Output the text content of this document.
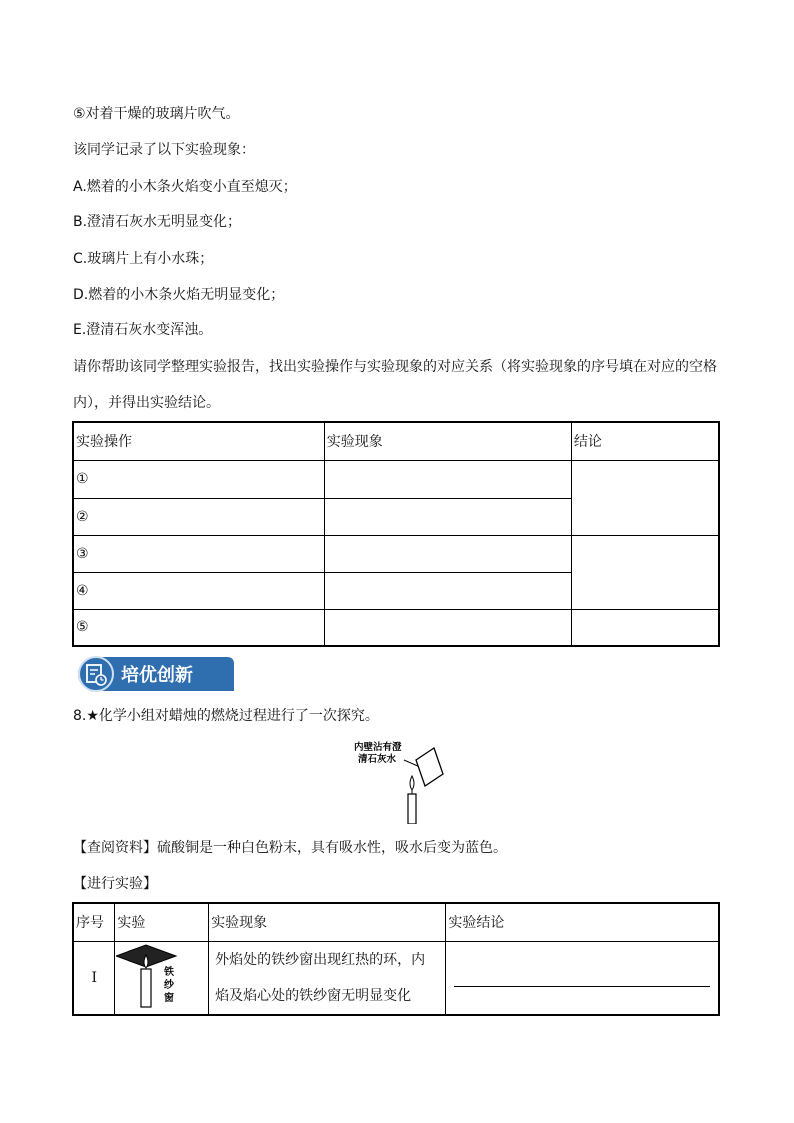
⑤对着干燥的玻璃片吹气。
该同学记录了以下实验现象：
A.燃着的小木条火焰变小直至熄灭；
B.澄清石灰水无明显变化；
C.玻璃片上有小水珠；
D.燃着的小木条火焰无明显变化；
E.澄清石灰水变浑浊。
请你帮助该同学整理实验报告，找出实验操作与实验现象的对应关系（将实验现象的序号填在对应的空格
内），并得出实验结论。
实验操作	实验现象	结论
①		
②		
③		
④		
⑤		
培优创新
8.★化学小组对蜡烛的燃烧过程进行了一次探究。
内壁沾有澄
清石灰水
【查阅资料】硫酸铜是一种白色粉末，具有吸水性，吸水后变为蓝色。
【进行实验】
序号	实验	实验现象	实验结论
I		外焰处的铁纱窗出现红热的环，内
焰及焰心处的铁纱窗无明显变化	

铁
纱
窗
